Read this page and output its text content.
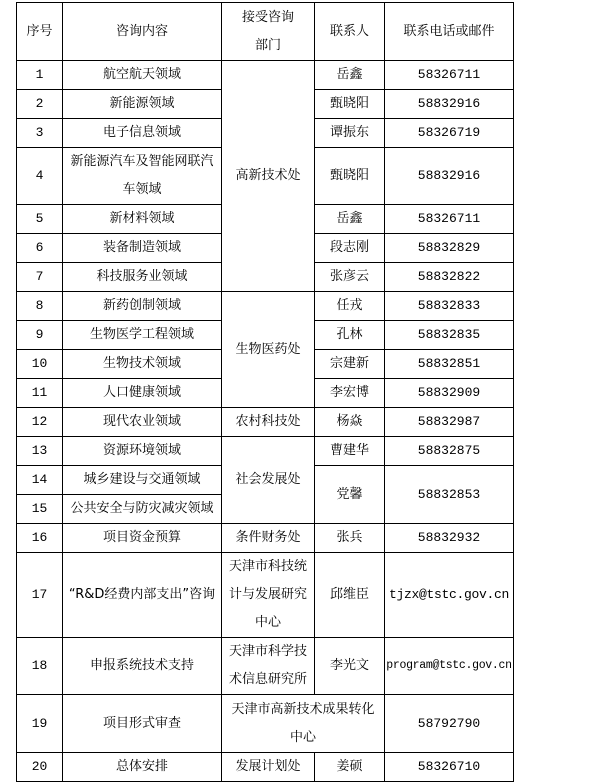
序号	咨询内容	接受咨询部门	联系人	联系电话或邮件
1	航空航天领域	高新技术处	岳鑫	58326711
2	新能源领域		甄晓阳	58832916
3	电子信息领域		谭振东	58326719
4	新能源汽车及智能网联汽车领域		甄晓阳	58832916
5	新材料领域		岳鑫	58326711
6	装备制造领域		段志刚	58832829
7	科技服务业领域		张彦云	58832822
8	新药创制领域	生物医药处	任戎	58832833
9	生物医学工程领域		孔林	58832835
10	生物技术领域		宗建新	58832851
11	人口健康领域		李宏博	58832909
12	现代农业领域	农村科技处	杨焱	58832987
13	资源环境领域	社会发展处	曹建华	58832875
14	城乡建设与交通领域		党馨	58832853
15	公共安全与防灾减灾领域			
16	项目资金预算	条件财务处	张兵	58832932
17	“R&D经费内部支出”咨询	天津市科技统计与发展研究中心	邱维臣	tjzx@tstc.gov.cn
18	申报系统技术支持	天津市科学技术信息研究所	李光文	program@tstc.gov.cn
19	项目形式审查	天津市高新技术成果转化中心		58792790
20	总体安排	发展计划处	姜硕	58326710
